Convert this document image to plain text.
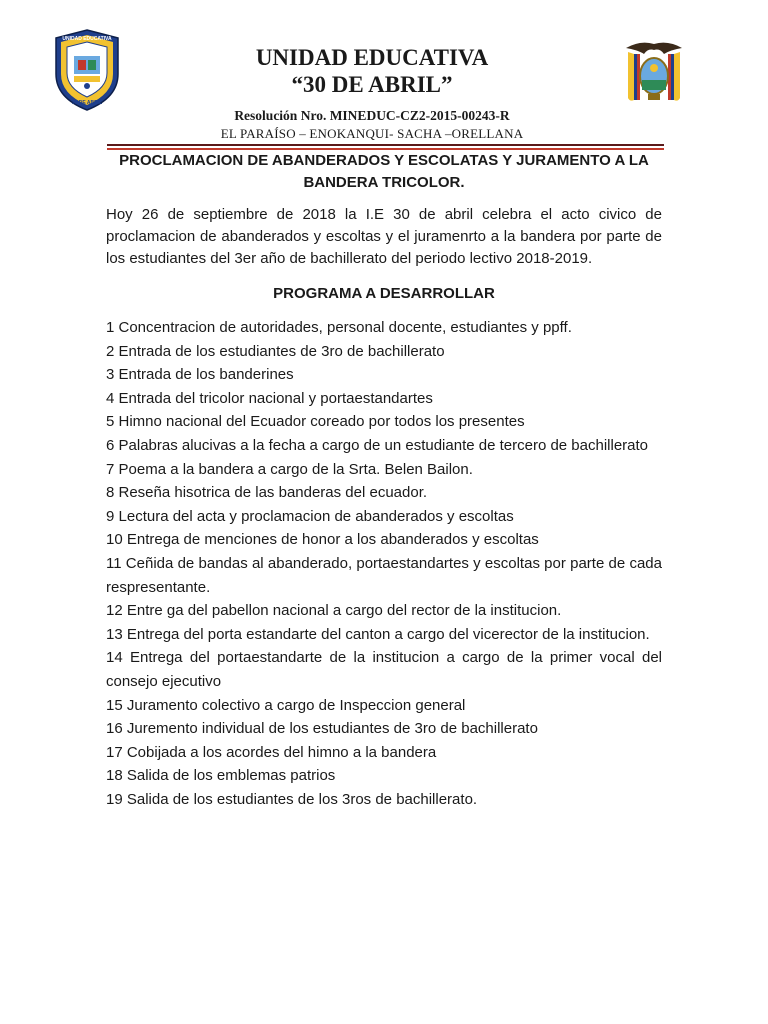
UNIDAD EDUCATIVA
30 DE ABRIL
UNIDAD EDUCATIVA
“30 DE ABRIL”
Resolución Nro. MINEDUC-CZ2-2015-00243-R
EL PARAÍSO – ENOKANQUI- SACHA –ORELLANA
PROCLAMACION DE ABANDERADOS Y ESCOLATAS Y JURAMENTO A LA
BANDERA TRICOLOR.

Hoy 26 de septiembre de 2018 la I.E 30 de abril celebra el acto civico de proclamacion de abanderados y escoltas y el juramenrto a la bandera por parte de los estudiantes del 3er año de bachillerato del periodo lectivo 2018-2019.

PROGRAMA A DESARROLLAR
1 Concentracion de autoridades, personal docente, estudiantes y ppff.
2 Entrada de los estudiantes de 3ro de bachillerato
3 Entrada de los banderines
4 Entrada del tricolor nacional y portaestandartes
5 Himno nacional del Ecuador coreado por todos los presentes
6 Palabras alucivas a la fecha a cargo de un estudiante de tercero de bachillerato
7 Poema a la bandera a cargo de la Srta. Belen Bailon.
8 Reseña hisotrica de las banderas del ecuador.
9 Lectura del acta y proclamacion de abanderados y escoltas
10 Entrega de menciones de honor a los abanderados y escoltas
11 Ceñida de bandas al abanderado, portaestandartes y escoltas por parte de cada respresentante.
12 Entre ga del pabellon nacional a cargo del rector de la institucion.
13 Entrega del porta estandarte del canton a cargo del vicerector de la institucion.
14 Entrega del portaestandarte de la institucion a cargo de la primer vocal del consejo ejecutivo
15 Juramento colectivo a cargo de Inspeccion general
16 Juremento individual de los estudiantes de 3ro de bachillerato
17 Cobijada a los acordes del himno a la bandera
18 Salida de los emblemas patrios
19 Salida de los estudiantes de los 3ros de bachillerato.
